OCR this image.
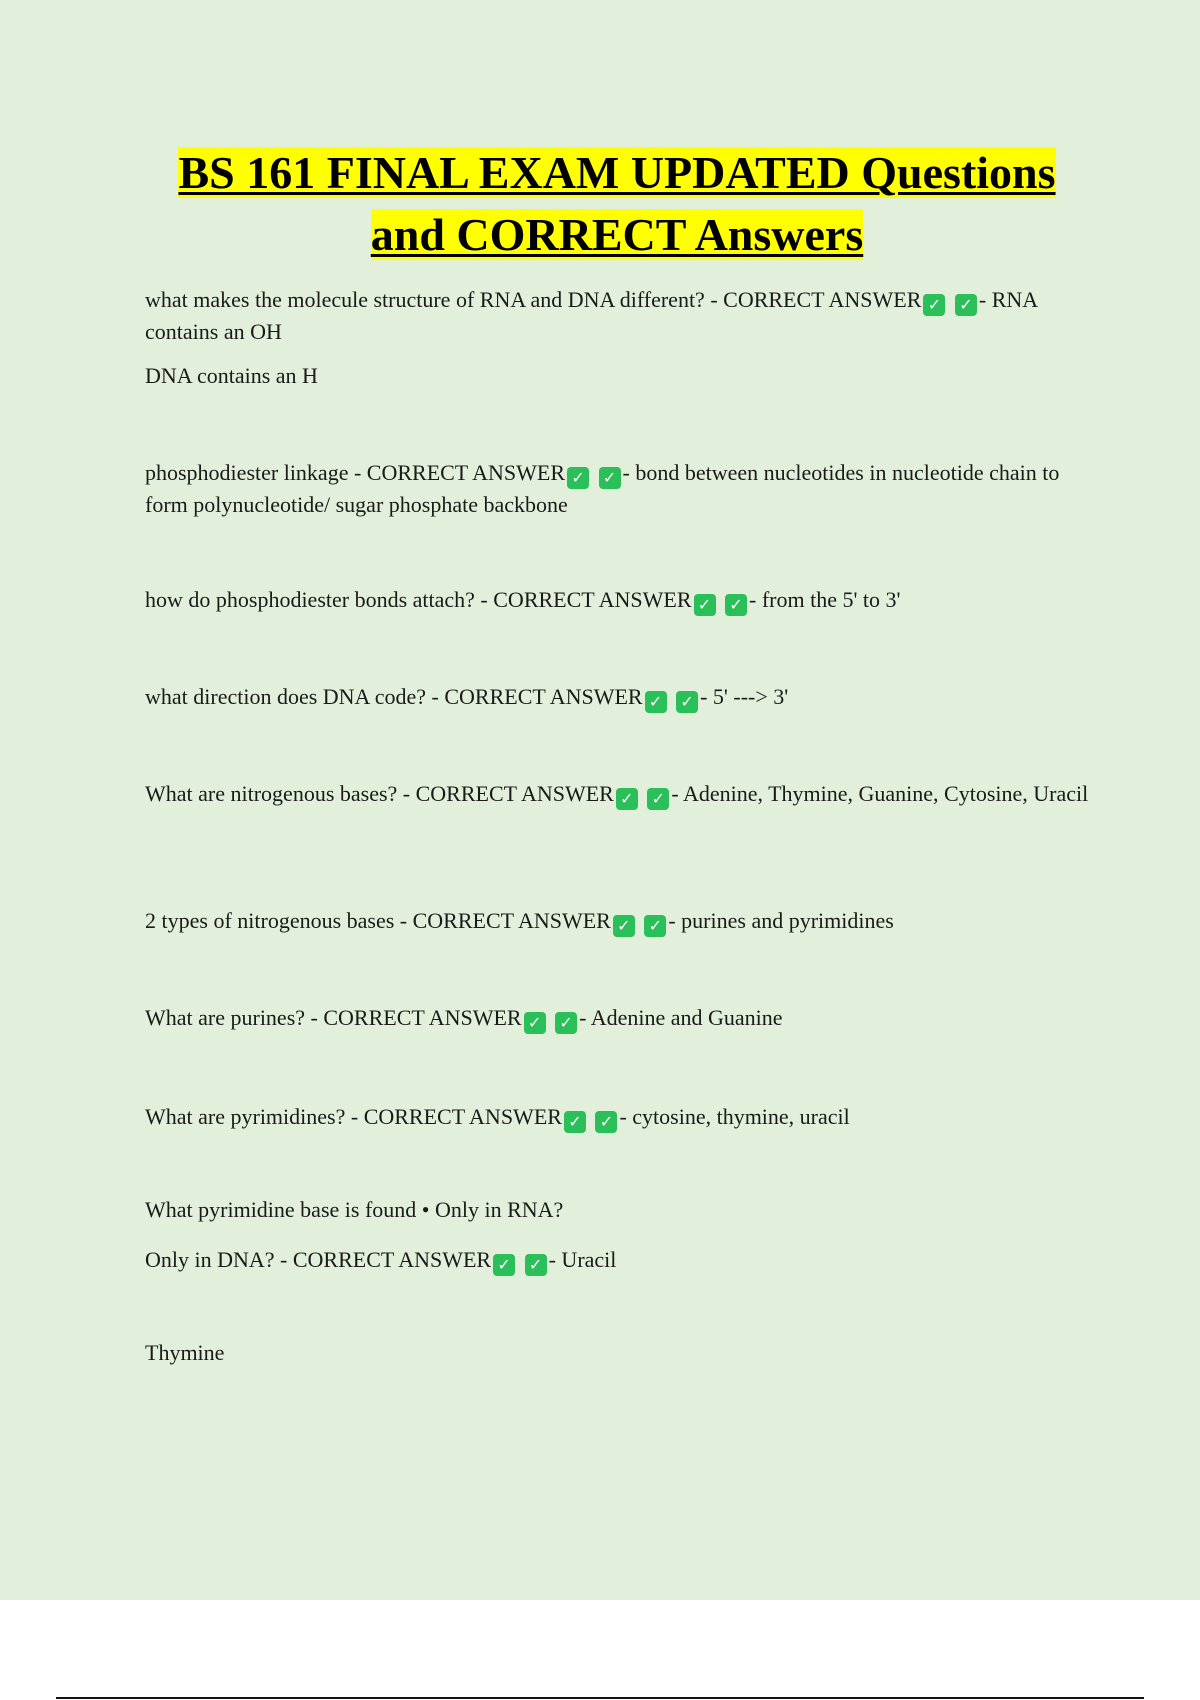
BS 161 FINAL EXAM UPDATED Questions
and CORRECT Answers

what makes the molecule structure of RNA and DNA different? - CORRECT ANSWER ✓ ✓ - RNA contains an OH

DNA contains an H

phosphodiester linkage - CORRECT ANSWER ✓ ✓ - bond between nucleotides in nucleotide chain to form polynucleotide/ sugar phosphate backbone

how do phosphodiester bonds attach? - CORRECT ANSWER ✓ ✓ - from the 5' to 3'

what direction does DNA code? - CORRECT ANSWER ✓ ✓ - 5' ---> 3'

What are nitrogenous bases? - CORRECT ANSWER ✓ ✓ - Adenine, Thymine, Guanine, Cytosine, Uracil

2 types of nitrogenous bases - CORRECT ANSWER ✓ ✓ - purines and pyrimidines

What are purines? - CORRECT ANSWER ✓ ✓ - Adenine and Guanine

What are pyrimidines? - CORRECT ANSWER ✓ ✓ - cytosine, thymine, uracil

What pyrimidine base is found • Only in RNA?

Only in DNA? - CORRECT ANSWER ✓ ✓ - Uracil

Thymine
